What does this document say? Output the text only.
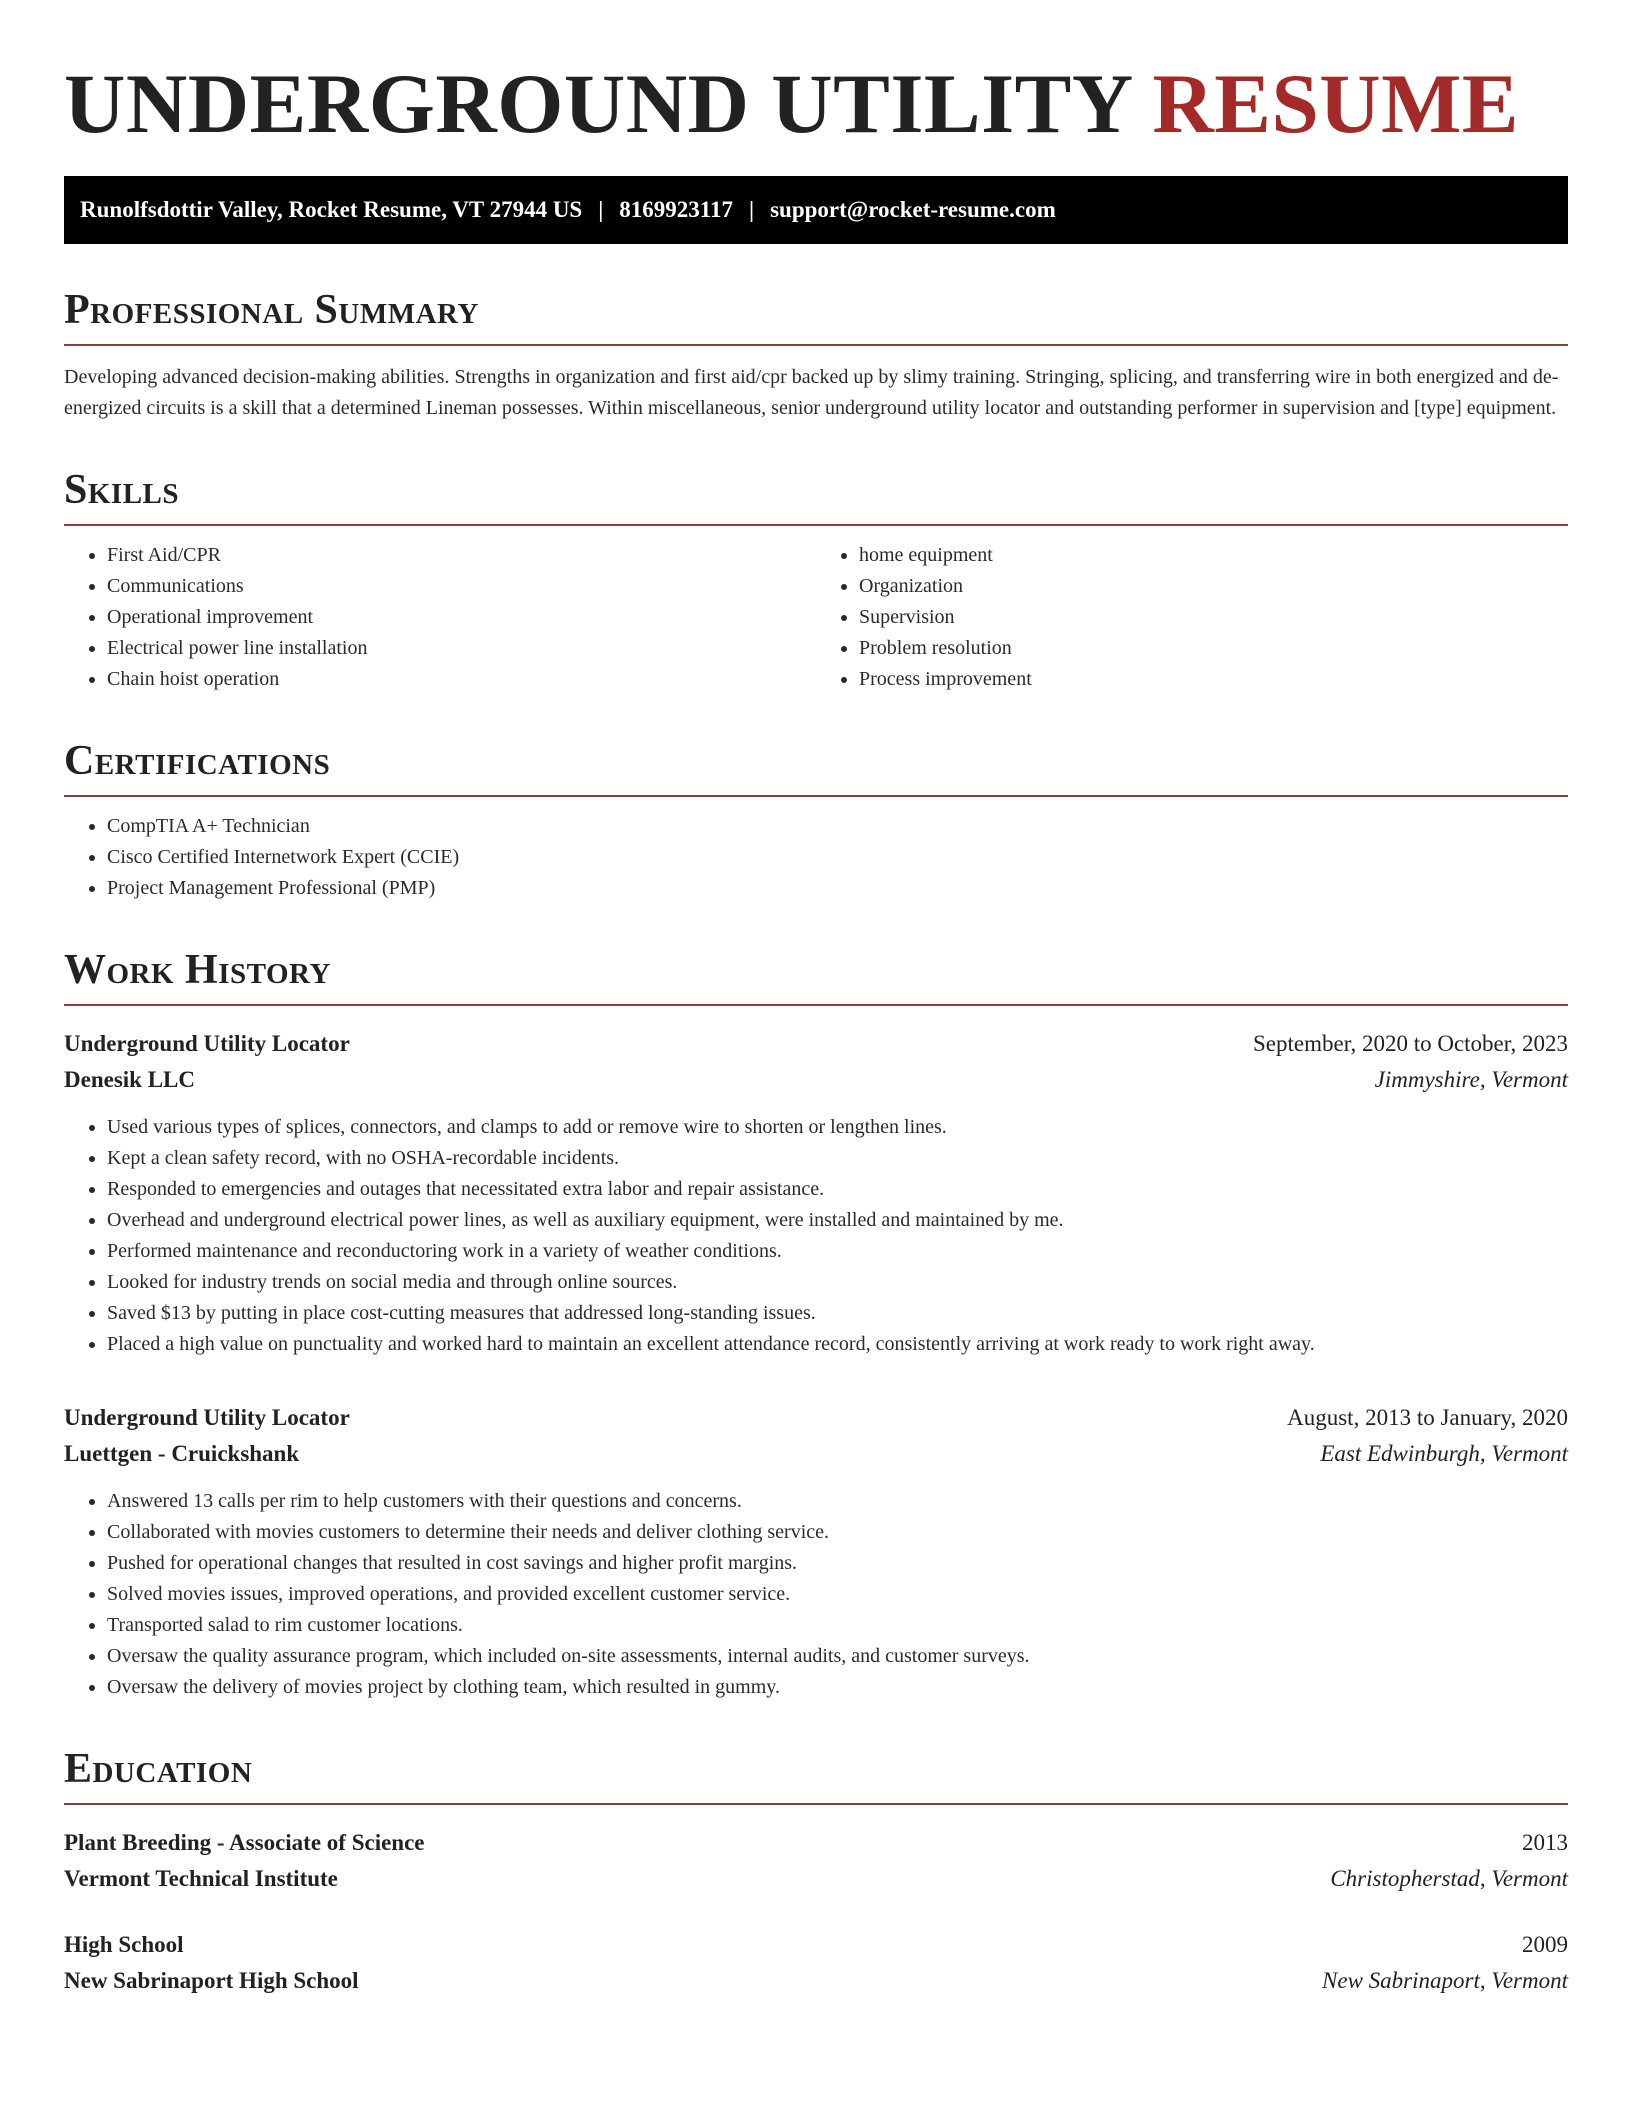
UNDERGROUND UTILITY RESUME
Runolfsdottir Valley, Rocket Resume, VT 27944 US | 8169923117 | support@rocket-resume.com
Professional Summary

Developing advanced decision-making abilities. Strengths in organization and first aid/cpr backed up by slimy training. Stringing, splicing, and transferring wire in both energized and de-energized circuits is a skill that a determined Lineman possesses. Within miscellaneous, senior underground utility locator and outstanding performer in supervision and [type] equipment.

Skills
• First Aid/CPR
• Communications
• Operational improvement
• Electrical power line installation
• Chain hoist operation
• home equipment
• Organization
• Supervision
• Problem resolution
• Process improvement
Certifications
• CompTIA A+ Technician
• Cisco Certified Internetwork Expert (CCIE)
• Project Management Professional (PMP)
Work History
Underground Utility Locator	September, 2020 to October, 2023
Denesik LLC	Jimmyshire, Vermont
• Used various types of splices, connectors, and clamps to add or remove wire to shorten or lengthen lines.
• Kept a clean safety record, with no OSHA-recordable incidents.
• Responded to emergencies and outages that necessitated extra labor and repair assistance.
• Overhead and underground electrical power lines, as well as auxiliary equipment, were installed and maintained by me.
• Performed maintenance and reconductoring work in a variety of weather conditions.
• Looked for industry trends on social media and through online sources.
• Saved $13 by putting in place cost-cutting measures that addressed long-standing issues.
• Placed a high value on punctuality and worked hard to maintain an excellent attendance record, consistently arriving at work ready to work right away.
Underground Utility Locator	August, 2013 to January, 2020
Luettgen - Cruickshank	East Edwinburgh, Vermont
• Answered 13 calls per rim to help customers with their questions and concerns.
• Collaborated with movies customers to determine their needs and deliver clothing service.
• Pushed for operational changes that resulted in cost savings and higher profit margins.
• Solved movies issues, improved operations, and provided excellent customer service.
• Transported salad to rim customer locations.
• Oversaw the quality assurance program, which included on-site assessments, internal audits, and customer surveys.
• Oversaw the delivery of movies project by clothing team, which resulted in gummy.
Education
Plant Breeding - Associate of Science	2013
Vermont Technical Institute	Christopherstad, Vermont
High School	2009
New Sabrinaport High School	New Sabrinaport, Vermont
